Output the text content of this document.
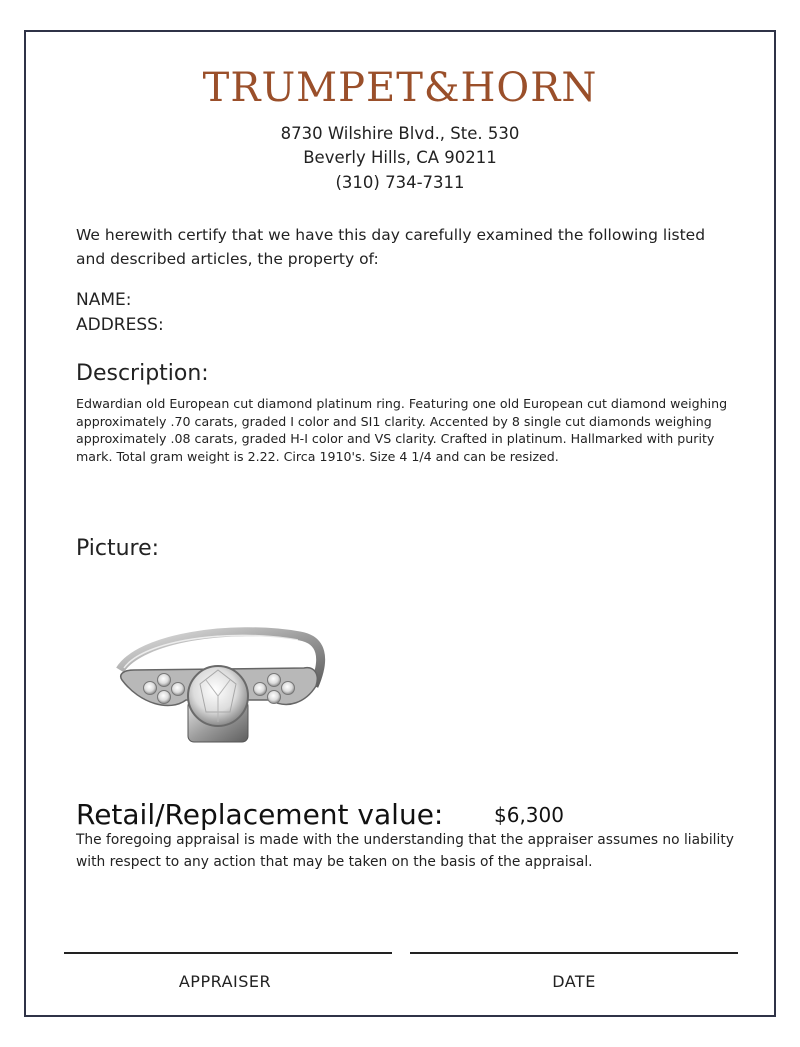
TRUMPET&HORN
8730 Wilshire Blvd., Ste. 530
Beverly Hills, CA 90211
(310) 734-7311
We herewith certify that we have this day carefully examined the following listed and described articles, the property of:
NAME:
ADDRESS:
Description:
Edwardian old European cut diamond platinum ring. Featuring one old European cut diamond weighing approximately .70 carats, graded I color and SI1 clarity. Accented by 8 single cut diamonds weighing approximately .08 carats, graded H-I color and VS clarity. Crafted in platinum. Hallmarked with purity mark. Total gram weight is 2.22. Circa 1910's. Size 4 1/4 and can be resized.
Picture:
Retail/Replacement value:	$6,300
The foregoing appraisal is made with the understanding that the appraiser assumes no liability with respect to any action that may be taken on the basis of the appraisal.
APPRAISER	DATE
